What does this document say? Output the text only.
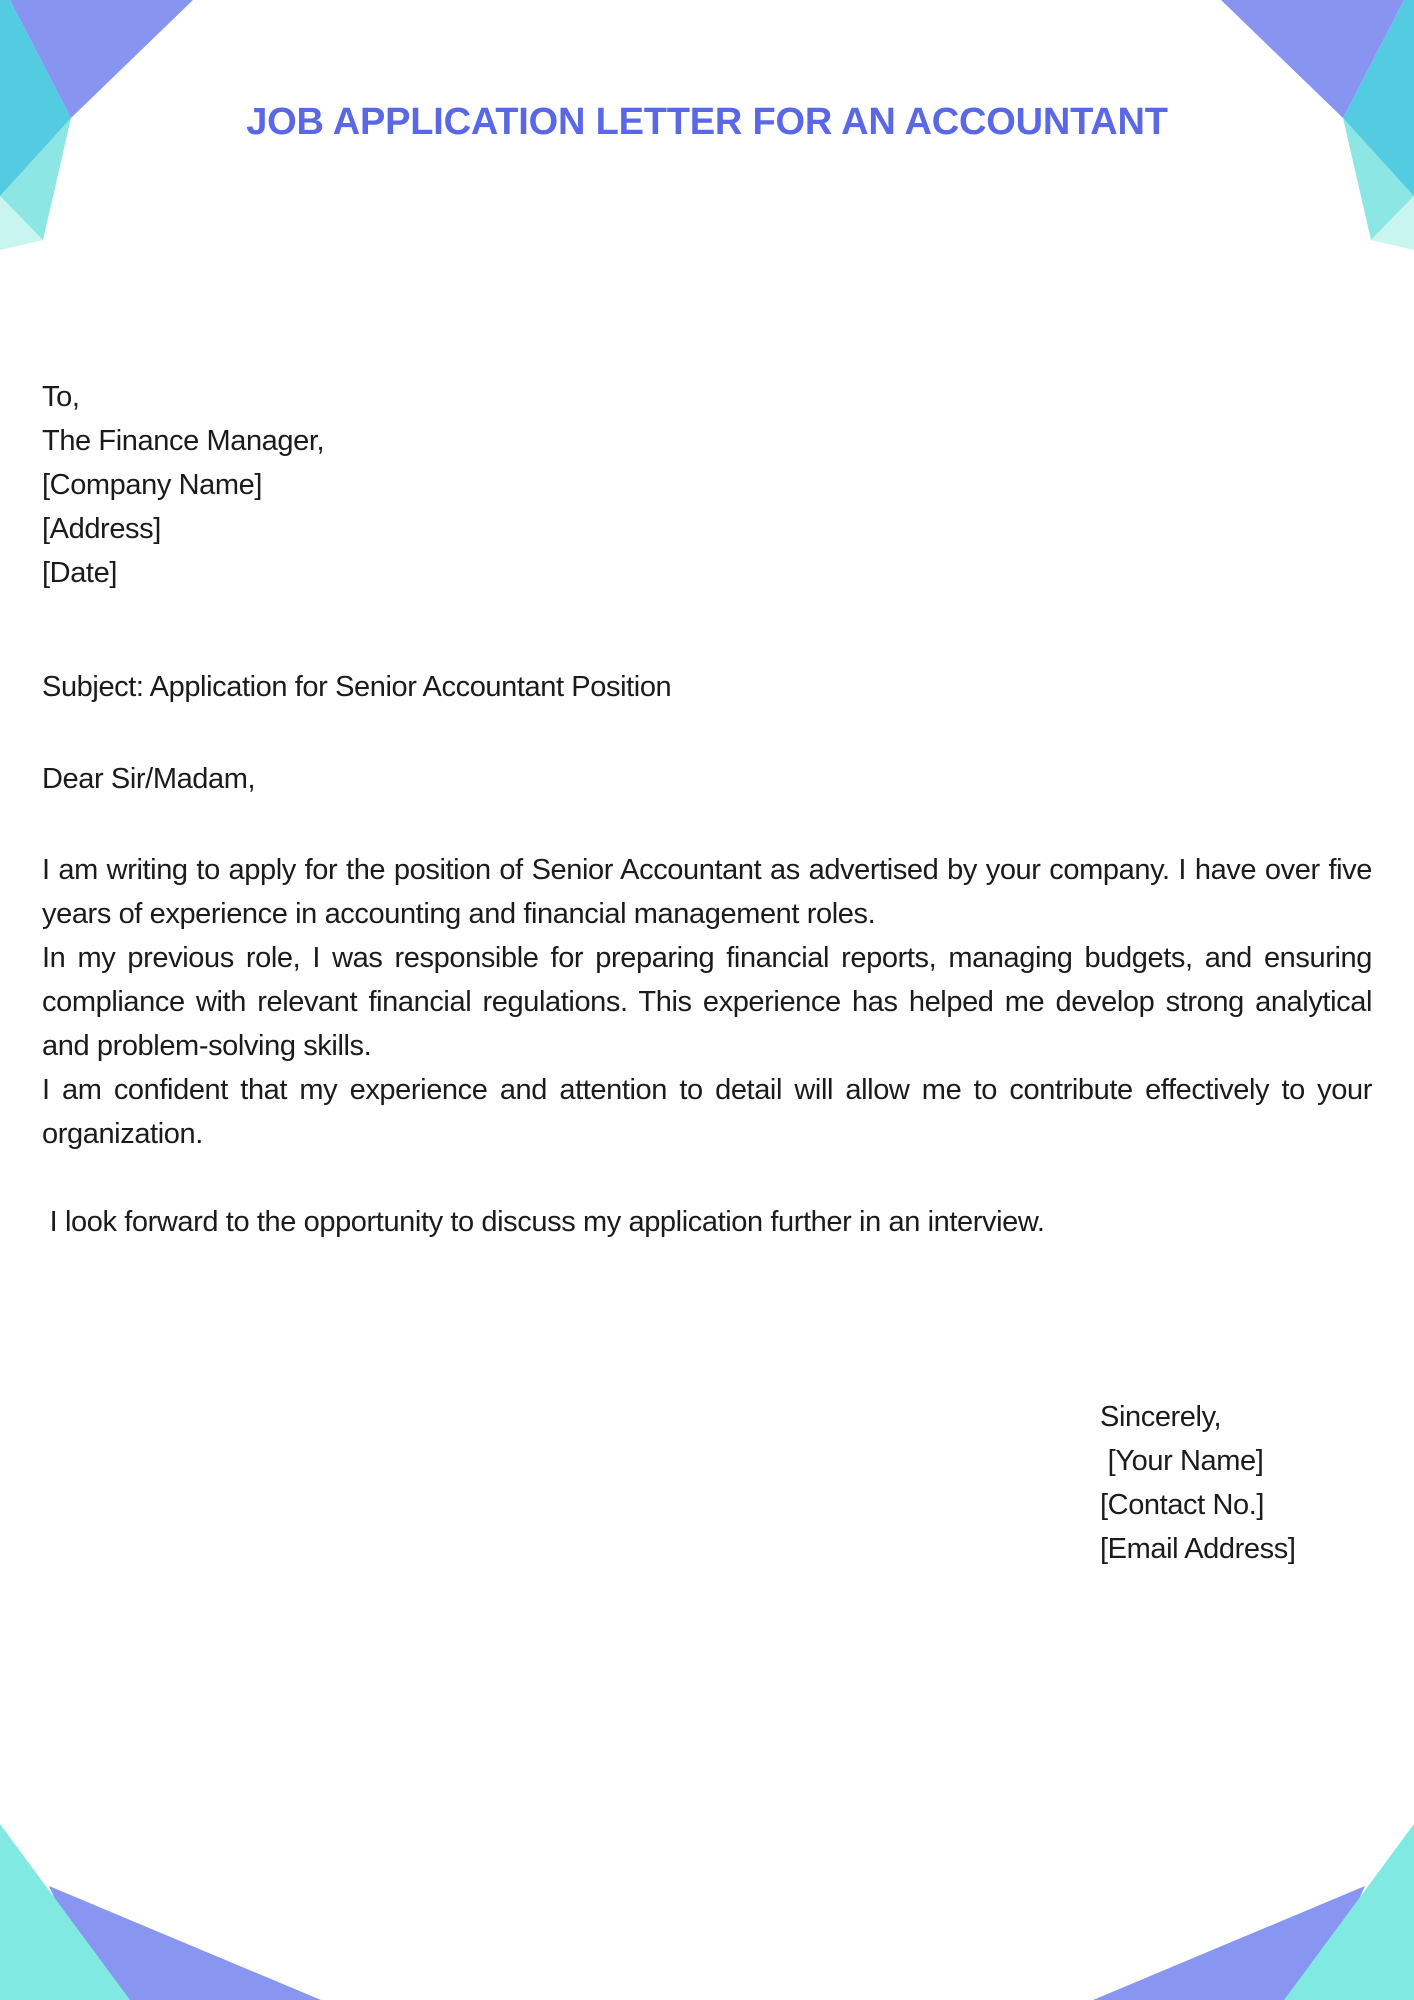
JOB APPLICATION LETTER FOR AN ACCOUNTANT
To,
The Finance Manager,
[Company Name]
[Address]
[Date]
Subject: Application for Senior Accountant Position
Dear Sir/Madam,

I am writing to apply for the position of Senior Accountant as advertised by your company. I have over five years of experience in accounting and financial management roles.

In my previous role, I was responsible for preparing financial reports, managing budgets, and ensuring compliance with relevant financial regulations. This experience has helped me develop strong analytical and problem-solving skills.

I am confident that my experience and attention to detail will allow me to contribute effectively to your organization.

I look forward to the opportunity to discuss my application further in an interview.

Sincerely,
[Your Name]
[Contact No.]
[Email Address]
